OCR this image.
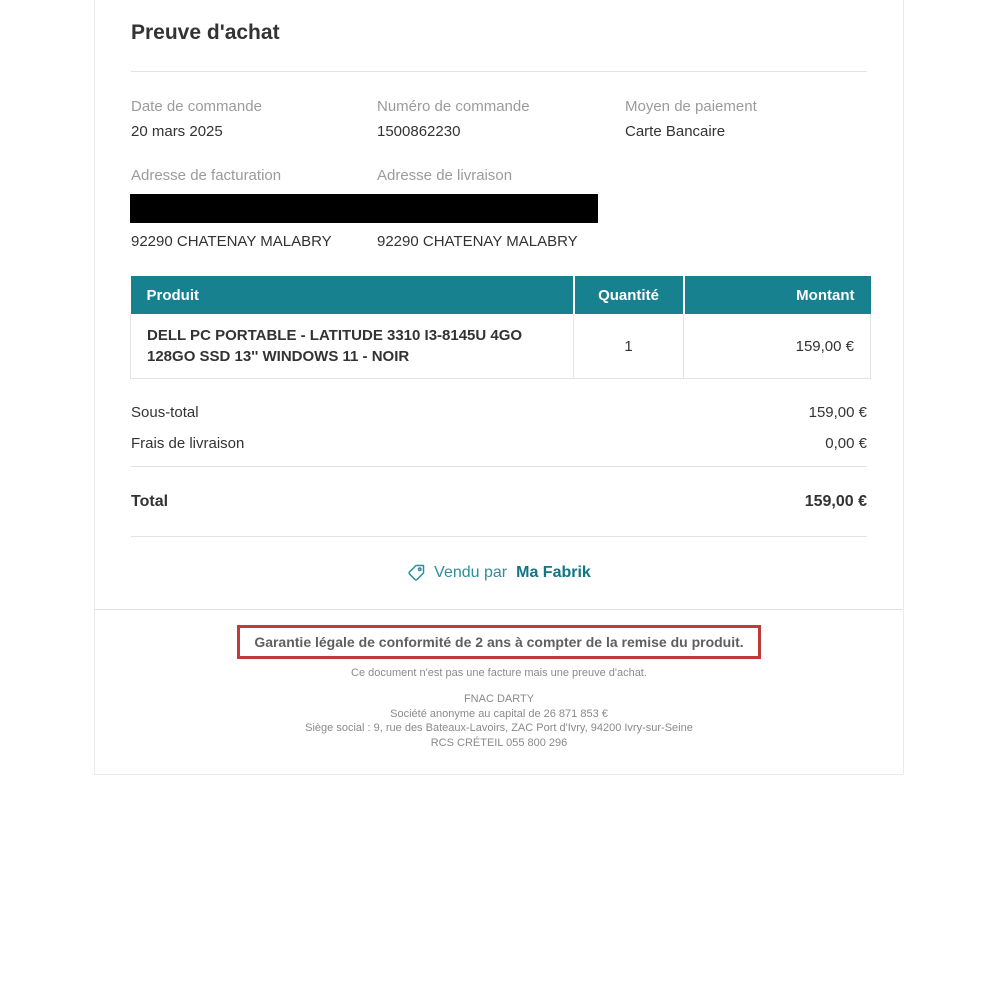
Preuve d'achat
Date de commande
20 mars 2025
Numéro de commande
1500862230
Moyen de paiement
Carte Bancaire
Adresse de facturation	Adresse de livraison
92290 CHATENAY MALABRY	92290 CHATENAY MALABRY
Produit	Quantité	Montant
DELL PC PORTABLE - LATITUDE 3310 I3-8145U 4GO 128GO SSD 13'' WINDOWS 11 - NOIR	1	159,00 €
Sous-total	159,00 €
Frais de livraison	0,00 €
Total	159,00 €
Vendu par Ma Fabrik
Garantie légale de conformité de 2 ans à compter de la remise du produit.
Ce document n'est pas une facture mais une preuve d'achat.
FNAC DARTY
Société anonyme au capital de 26 871 853 €
Siège social : 9, rue des Bateaux-Lavoirs, ZAC Port d'Ivry, 94200 Ivry-sur-Seine
RCS CRÉTEIL 055 800 296
